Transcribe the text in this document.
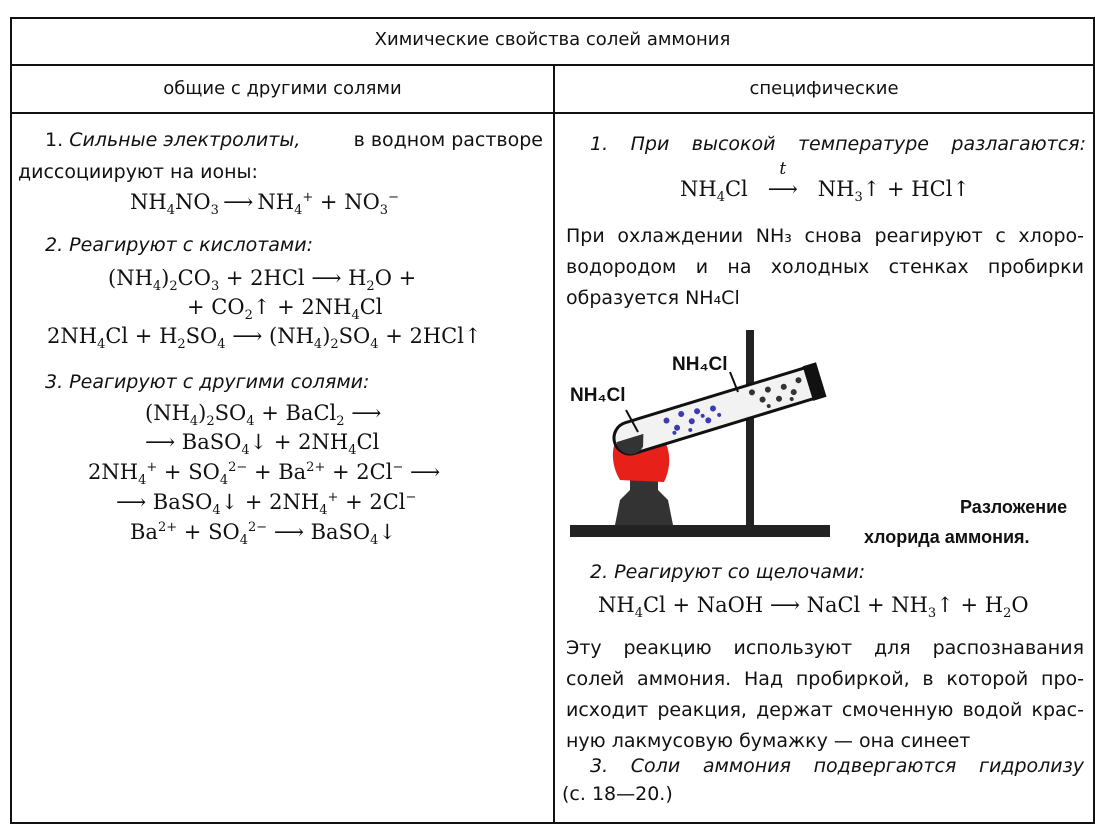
Химические свойства солей аммония
общие с другими солями	специфические
1. Сильные электролиты,	в водном растворе
диссоциируют на ионы:
$NH_4NO_3$  ⟶ $NH_4^+ + NO_3^-$
2. Реагируют с кислотами:
$(NH_4)_2CO_3 + 2HCl$ ⟶ $H_2O$ +
+ $CO_2↑ + 2NH_4Cl$
$2NH_4Cl + H_2SO_4$ ⟶ $(NH_4)_2SO_4$ + 2HCl↑
3. Реагируют с другими солями:
$(NH_4)_2SO_4$ + BaCl$_2$ ⟶
⟶ BaSO$_4$↓ + $2NH_4Cl$
$2NH_4^+ + SO_4^{2-} + Ba^{2+} + 2Cl^-$ ⟶
⟶ BaSO$_4$↓ + $2NH_4^+ + 2Cl^-$
$Ba^{2+} + SO_4^{2-}$ ⟶ BaSO$_4$↓
1. При высокой температуре разлагаются:
$NH_4Cl$
t
⟶ $NH_3↑$ + HCl↑
При охлаждении NH₃ снова реагируют с хлоро-
водородом и на холодных стенках пробирки
образуется NH₄Cl
NH₄Cl
NH₄Cl
Разложение
хлорида аммония.
2. Реагируют со щелочами:
$NH_4Cl$ + NaOH ⟶ NaCl + $NH_3↑ + H_2O$
Эту реакцию используют для распознавания
солей аммония. Над пробиркой, в которой про-
исходит реакция, держат смоченную водой крас-
ную лакмусовую бумажку — она синеет
3. Соли аммония подвергаются гидролизу
(с. 18—20.)
